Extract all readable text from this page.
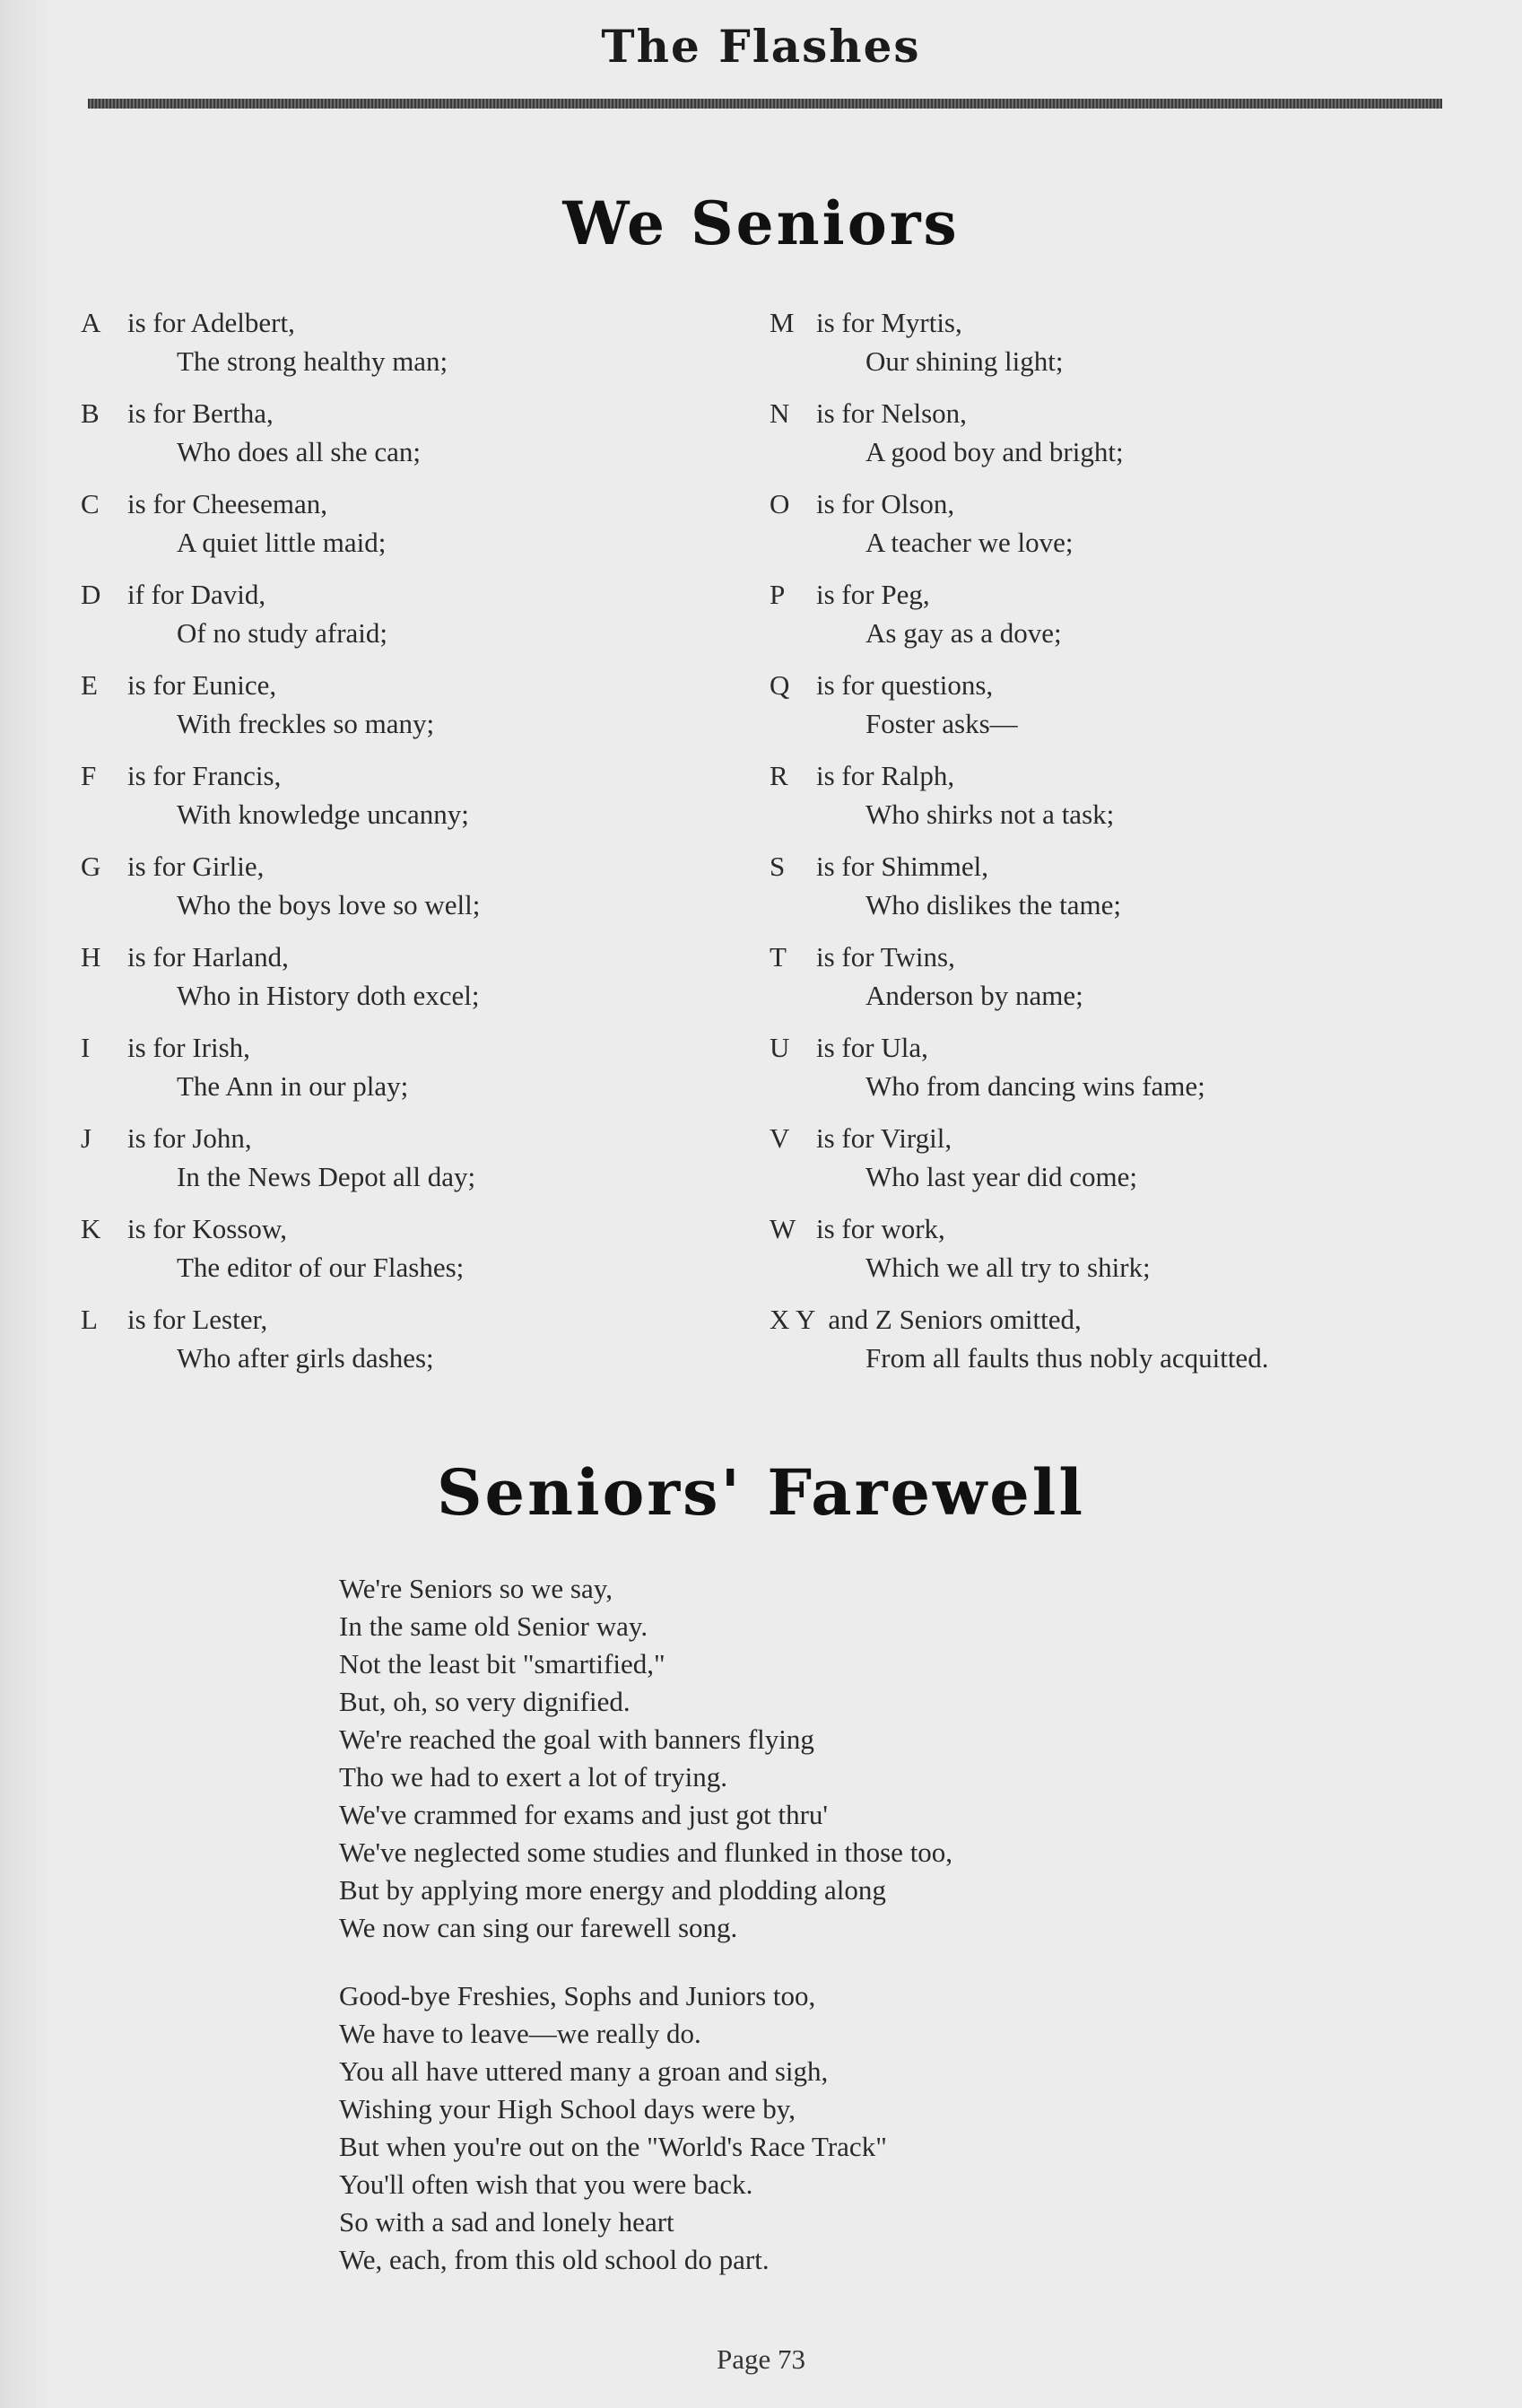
The Flashes
We Seniors
A is for Adelbert,
The strong healthy man;
B is for Bertha,
Who does all she can;
C is for Cheeseman,
A quiet little maid;
D if for David,
Of no study afraid;
E is for Eunice,
With freckles so many;
F is for Francis,
With knowledge uncanny;
G is for Girlie,
Who the boys love so well;
H is for Harland,
Who in History doth excel;
I is for Irish,
The Ann in our play;
J is for John,
In the News Depot all day;
K is for Kossow,
The editor of our Flashes;
L is for Lester,
Who after girls dashes;
M is for Myrtis,
Our shining light;
N is for Nelson,
A good boy and bright;
O is for Olson,
A teacher we love;
P is for Peg,
As gay as a dove;
Q is for questions,
Foster asks—
R is for Ralph,
Who shirks not a task;
S is for Shimmel,
Who dislikes the tame;
T is for Twins,
Anderson by name;
U is for Ula,
Who from dancing wins fame;
V is for Virgil,
Who last year did come;
W is for work,
Which we all try to shirk;
X Y and Z Seniors omitted,
From all faults thus nobly acquitted.
Seniors' Farewell
We're Seniors so we say,
In the same old Senior way.
Not the least bit "smartified,"
But, oh, so very dignified.
We're reached the goal with banners flying
Tho we had to exert a lot of trying.
We've crammed for exams and just got thru'
We've neglected some studies and flunked in those too,
But by applying more energy and plodding along
We now can sing our farewell song.
Good-bye Freshies, Sophs and Juniors too,
We have to leave—we really do.
You all have uttered many a groan and sigh,
Wishing your High School days were by,
But when you're out on the "World's Race Track"
You'll often wish that you were back.
So with a sad and lonely heart
We, each, from this old school do part.
Page 73
